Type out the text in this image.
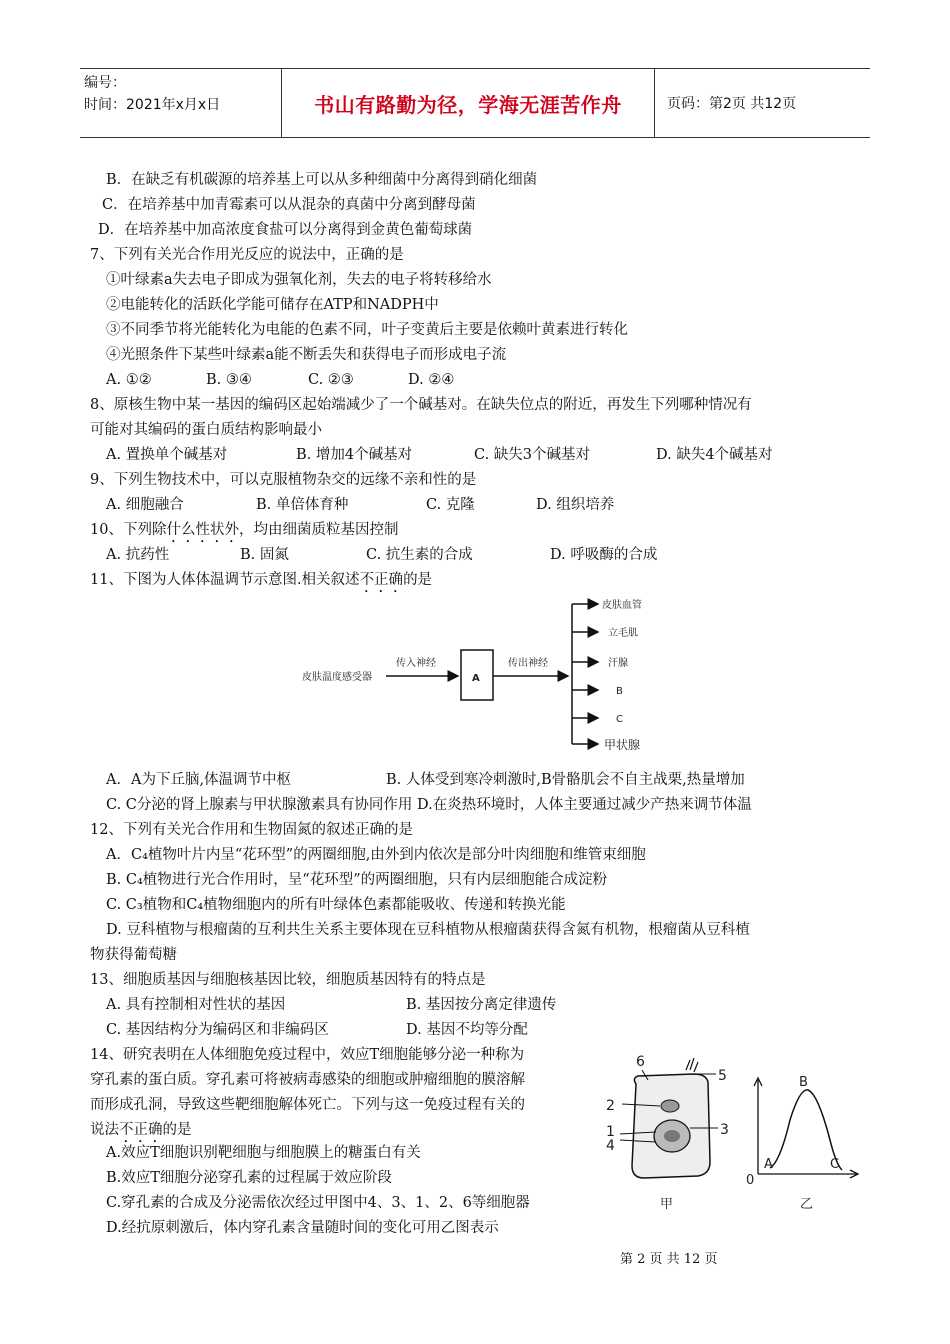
编号：
时间：2021年x月x日	书山有路勤为径，学海无涯苦作舟	页码：第2页 共12页
B．在缺乏有机碳源的培养基上可以从多种细菌中分离得到硝化细菌
C．在培养基中加青霉素可以从混杂的真菌中分离到酵母菌
D．在培养基中加高浓度食盐可以分离得到金黄色葡萄球菌
7、下列有关光合作用光反应的说法中，正确的是
①叶绿素a失去电子即成为强氧化剂，失去的电子将转移给水
②电能转化的活跃化学能可储存在ATP和NADPH中
③不同季节将光能转化为电能的色素不同，叶子变黄后主要是依赖叶黄素进行转化
④光照条件下某些叶绿素a能不断丢失和获得电子而形成电子流
A. ①②	B. ③④	C. ②③	D. ②④
8、原核生物中某一基因的编码区起始端减少了一个碱基对。在缺失位点的附近，再发生下列哪种情况有
可能对其编码的蛋白质结构影响最小
A. 置换单个碱基对	B. 增加4个碱基对	C. 缺失3个碱基对	D. 缺失4个碱基对
9、下列生物技术中，可以克服植物杂交的远缘不亲和性的是
A. 细胞融合	B. 单倍体育种	C. 克隆	D. 组织培养
10、下列除什么性状外，均由细菌质粒基因控制
A. 抗药性	B. 固氮	C. 抗生素的合成	D. 呼吸酶的合成
11、下图为人体体温调节示意图.相关叙述不正确的是
皮肤温度感受器
传入神经
A
传出神经
皮肤血管
立毛肌
汗腺
B
C
甲状腺
A．A为下丘脑,体温调节中枢	B. 人体受到寒冷刺激时,B骨骼肌会不自主战栗,热量增加
C. C分泌的肾上腺素与甲状腺激素具有协同作用 D.在炎热环境时，人体主要通过减少产热来调节体温
12、下列有关光合作用和生物固氮的叙述正确的是
A．C₄植物叶片内呈“花环型”的两圈细胞,由外到内依次是部分叶肉细胞和维管束细胞
B. C₄植物进行光合作用时，呈“花环型”的两圈细胞，只有内层细胞能合成淀粉
C. C₃植物和C₄植物细胞内的所有叶绿体色素都能吸收、传递和转换光能
D. 豆科植物与根瘤菌的互利共生关系主要体现在豆科植物从根瘤菌获得含氮有机物，根瘤菌从豆科植
物获得葡萄糖
13、细胞质基因与细胞核基因比较，细胞质基因特有的特点是
A. 具有控制相对性状的基因	B. 基因按分离定律遗传
C. 基因结构分为编码区和非编码区	D. 基因不均等分配
14、研究表明在人体细胞免疫过程中，效应T细胞能够分泌一种称为
穿孔素的蛋白质。穿孔素可将被病毒感染的细胞或肿瘤细胞的膜溶解
而形成孔洞，导致这些靶细胞解体死亡。下列与这一免疫过程有关的
说法不正确的是
A.效应T细胞识别靶细胞与细胞膜上的糖蛋白有关
B.效应T细胞分泌穿孔素的过程属于效应阶段
C.穿孔素的合成及分泌需依次经过甲图中4、3、1、2、6等细胞器
D.经抗原刺激后，体内穿孔素含量随时间的变化可用乙图表示
6
5
2
3
1
4
甲
B
A	C
0
乙
第 2 页 共 12 页
